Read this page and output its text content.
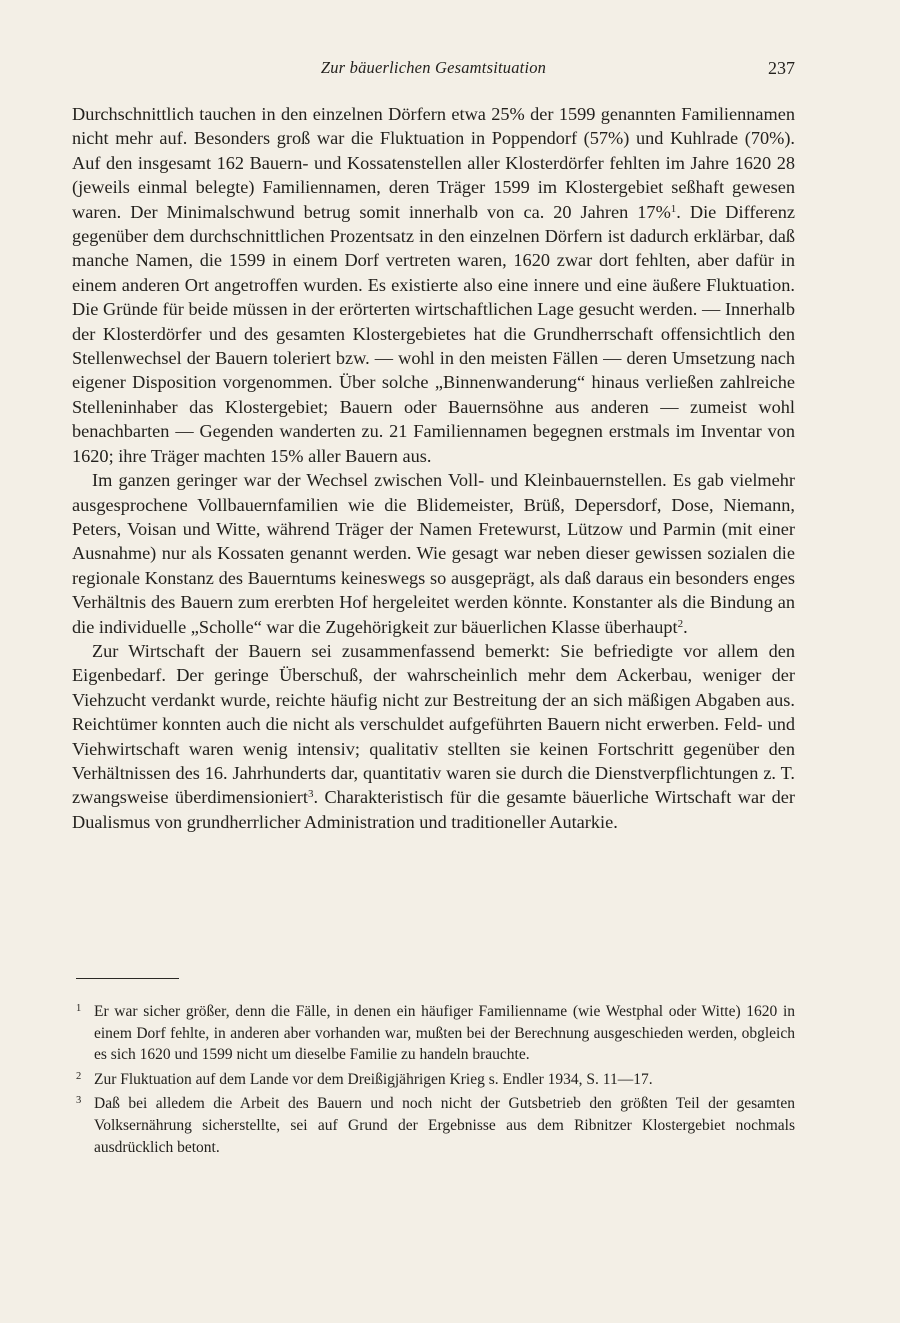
Zur bäuerlichen Gesamtsituation	237

Durchschnittlich tauchen in den einzelnen Dörfern etwa 25% der 1599 genannten Familiennamen nicht mehr auf. Besonders groß war die Fluktuation in Poppendorf (57%) und Kuhlrade (70%). Auf den insgesamt 162 Bauern- und Kossatenstellen aller Klosterdörfer fehlten im Jahre 1620 28 (jeweils einmal belegte) Familiennamen, deren Träger 1599 im Klostergebiet seßhaft gewesen waren. Der Minimalschwund betrug somit innerhalb von ca. 20 Jahren 17%$^1$. Die Differenz gegenüber dem durchschnittlichen Prozentsatz in den einzelnen Dörfern ist dadurch erklärbar, daß manche Namen, die 1599 in einem Dorf vertreten waren, 1620 zwar dort fehlten, aber dafür in einem anderen Ort angetroffen wurden. Es existierte also eine innere und eine äußere Fluktuation. Die Gründe für beide müssen in der erörterten wirtschaftlichen Lage gesucht werden. — Innerhalb der Klosterdörfer und des gesamten Klostergebietes hat die Grundherrschaft offensichtlich den Stellenwechsel der Bauern toleriert bzw. — wohl in den meisten Fällen — deren Umsetzung nach eigener Disposition vorgenommen. Über solche „Binnenwanderung“ hinaus verließen zahlreiche Stelleninhaber das Klostergebiet; Bauern oder Bauernsöhne aus anderen — zumeist wohl benachbarten — Gegenden wanderten zu. 21 Familiennamen begegnen erstmals im Inventar von 1620; ihre Träger machten 15% aller Bauern aus.

Im ganzen geringer war der Wechsel zwischen Voll- und Kleinbauernstellen. Es gab vielmehr ausgesprochene Vollbauernfamilien wie die Blidemeister, Brüß, Depersdorf, Dose, Niemann, Peters, Voisan und Witte, während Träger der Namen Fretewurst, Lützow und Parmin (mit einer Ausnahme) nur als Kossaten genannt werden. Wie gesagt war neben dieser gewissen sozialen die regionale Konstanz des Bauerntums keineswegs so ausgeprägt, als daß daraus ein besonders enges Verhältnis des Bauern zum ererbten Hof hergeleitet werden könnte. Konstanter als die Bindung an die individuelle „Scholle“ war die Zugehörigkeit zur bäuerlichen Klasse überhaupt$^2$.

Zur Wirtschaft der Bauern sei zusammenfassend bemerkt: Sie befriedigte vor allem den Eigenbedarf. Der geringe Überschuß, der wahrscheinlich mehr dem Ackerbau, weniger der Viehzucht verdankt wurde, reichte häufig nicht zur Bestreitung der an sich mäßigen Abgaben aus. Reichtümer konnten auch die nicht als verschuldet aufgeführten Bauern nicht erwerben. Feld- und Viehwirtschaft waren wenig intensiv; qualitativ stellten sie keinen Fortschritt gegenüber den Verhältnissen des 16. Jahrhunderts dar, quantitativ waren sie durch die Dienstverpflichtungen z. T. zwangsweise überdimensioniert$^3$. Charakteristisch für die gesamte bäuerliche Wirtschaft war der Dualismus von grundherrlicher Administration und traditioneller Autarkie.

1 Er war sicher größer, denn die Fälle, in denen ein häufiger Familienname (wie Westphal oder Witte) 1620 in einem Dorf fehlte, in anderen aber vorhanden war, mußten bei der Berechnung ausgeschieden werden, obgleich es sich 1620 und 1599 nicht um dieselbe Familie zu handeln brauchte.

2 Zur Fluktuation auf dem Lande vor dem Dreißigjährigen Krieg s. Endler 1934, S. 11—17.

3 Daß bei alledem die Arbeit des Bauern und noch nicht der Gutsbetrieb den größten Teil der gesamten Volksernährung sicherstellte, sei auf Grund der Ergebnisse aus dem Ribnitzer Klostergebiet nochmals ausdrücklich betont.
